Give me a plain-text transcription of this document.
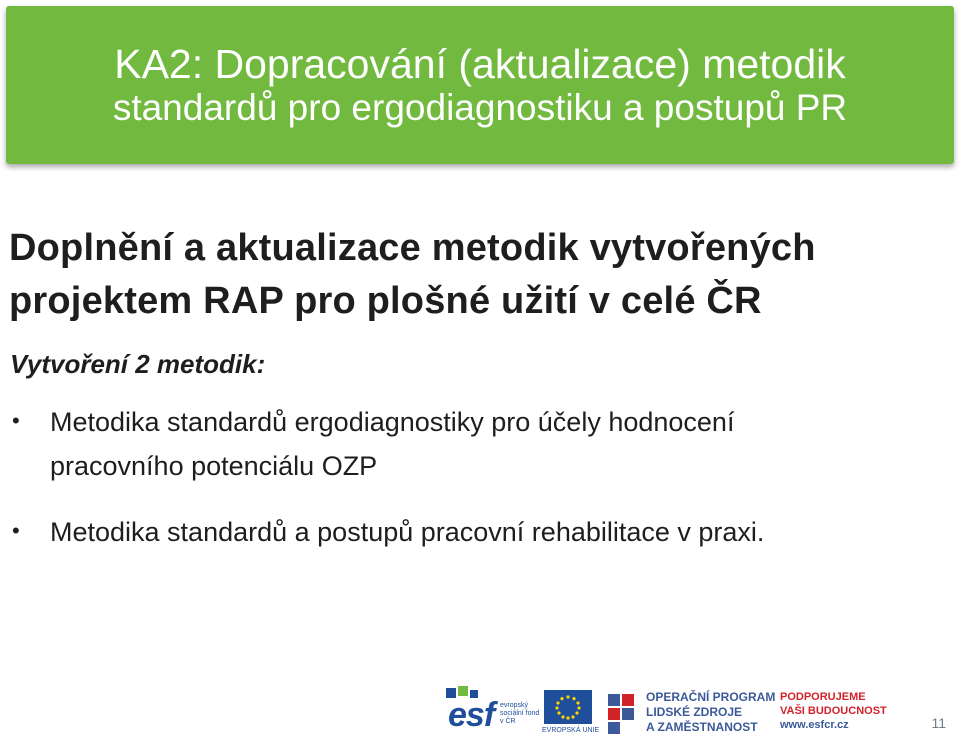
KA2: Dopracování (aktualizace) metodik
standardů pro ergodiagnostiku a postupů PR
Doplnění a aktualizace metodik vytvořených
projektem RAP pro plošné užití v celé ČR
Vytvoření 2 metodik:
• Metodika standardů ergodiagnostiky pro účely hodnocení
pracovního potenciálu OZP
• Metodika standardů a postupů pracovní rehabilitace v praxi.
esf evropský sociální fond v ČR
EVROPSKÁ UNIE
OPERAČNÍ PROGRAM
LIDSKÉ ZDROJE
A ZAMĚSTNANOST
PODPORUJEME
VAŠI BUDOUCNOST
www.esfcr.cz	11
